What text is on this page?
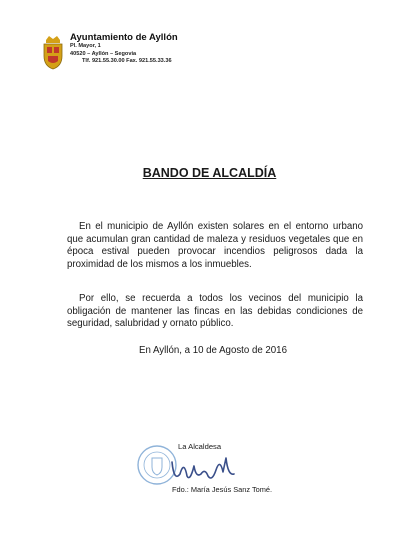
Ayuntamiento de Ayllón
Pl. Mayor, 1
40520 – Ayllón – Segovia
Tlf. 921.55.30.00 Fax. 921.55.33.36
BANDO DE ALCALDÍA

En el municipio de Ayllón existen solares en el entorno urbano que acumulan gran cantidad de maleza y residuos vegetales que en época estival pueden provocar incendios peligrosos dada la proximidad de los mismos a los inmuebles.

Por ello, se recuerda a todos los vecinos del municipio la obligación de mantener las fincas en las debidas condiciones de seguridad, salubridad y ornato público.

En Ayllón, a 10 de Agosto de 2016
La Alcaldesa
Fdo.: María Jesús Sanz Tomé.
